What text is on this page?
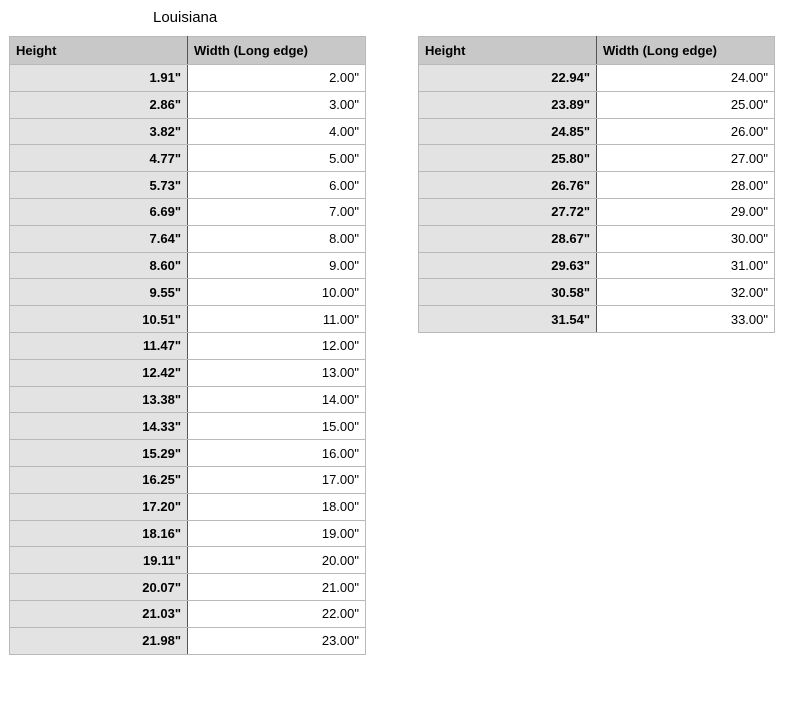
Louisiana
Height	Width (Long edge)
1.91"	2.00"
2.86"	3.00"
3.82"	4.00"
4.77"	5.00"
5.73"	6.00"
6.69"	7.00"
7.64"	8.00"
8.60"	9.00"
9.55"	10.00"
10.51"	11.00"
11.47"	12.00"
12.42"	13.00"
13.38"	14.00"
14.33"	15.00"
15.29"	16.00"
16.25"	17.00"
17.20"	18.00"
18.16"	19.00"
19.11"	20.00"
20.07"	21.00"
21.03"	22.00"
21.98"	23.00"
Height	Width (Long edge)
22.94"	24.00"
23.89"	25.00"
24.85"	26.00"
25.80"	27.00"
26.76"	28.00"
27.72"	29.00"
28.67"	30.00"
29.63"	31.00"
30.58"	32.00"
31.54"	33.00"
